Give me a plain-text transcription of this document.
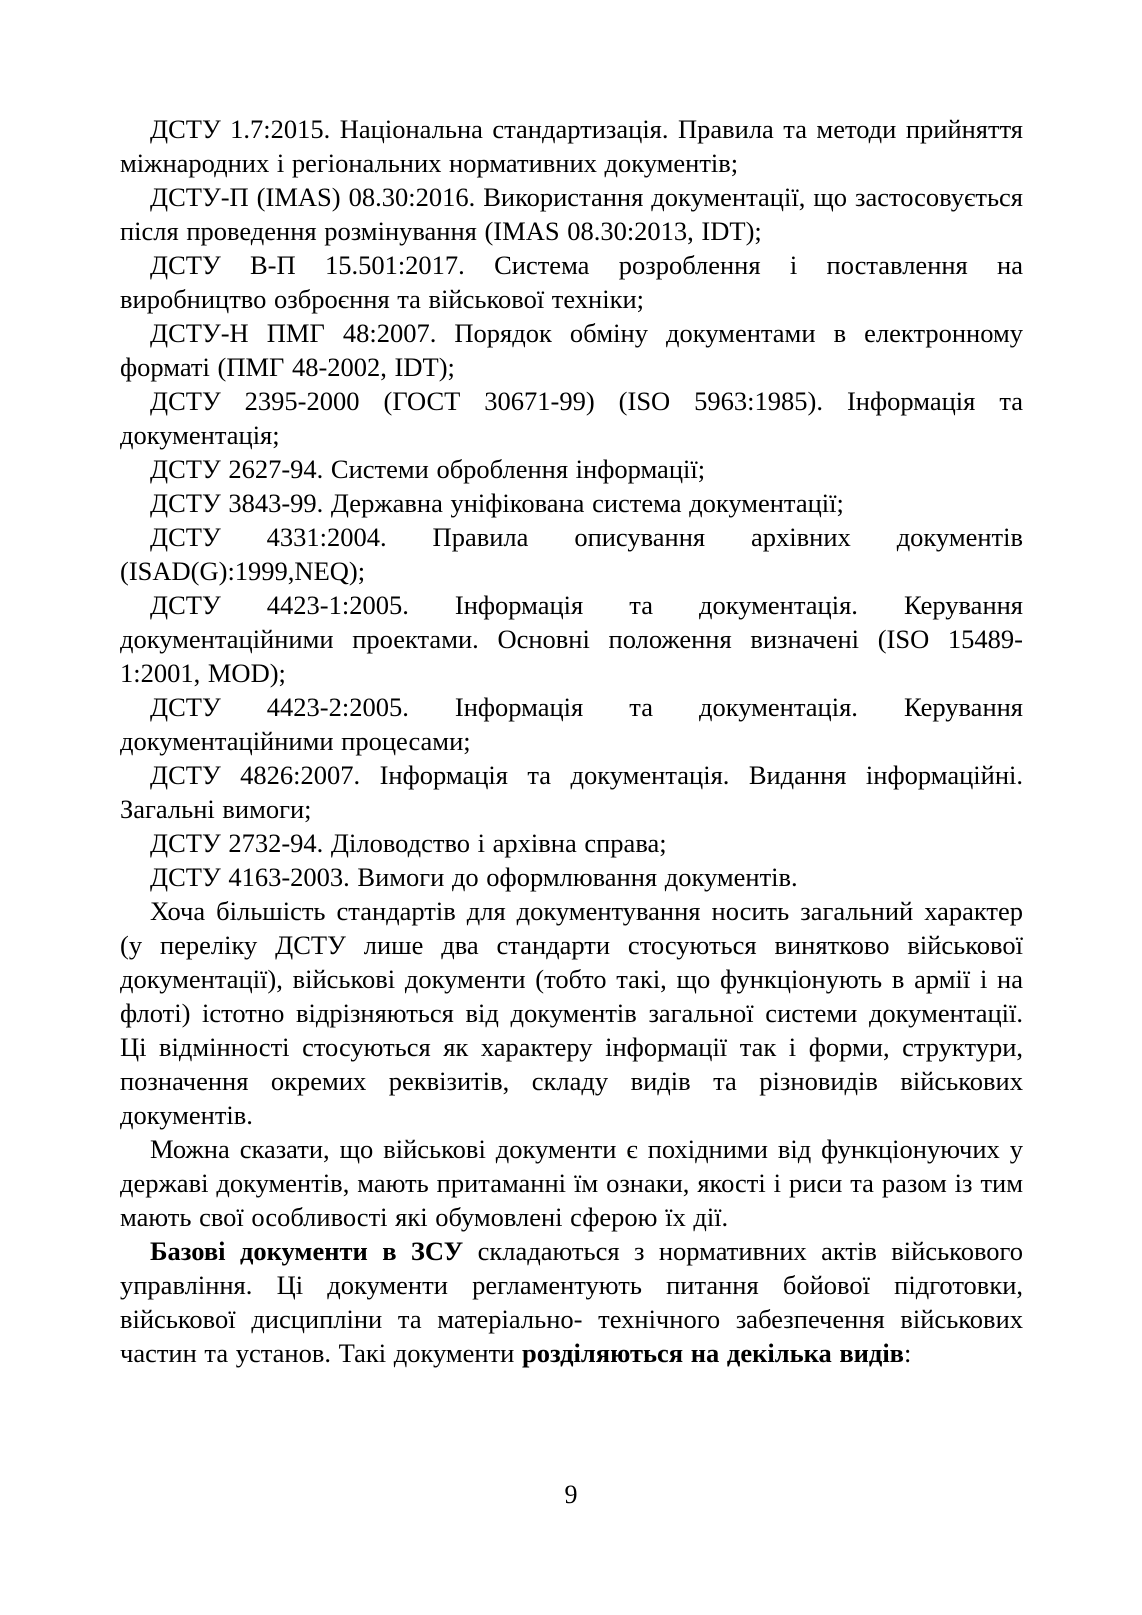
ДСТУ 1.7:2015. Національна стандартизація. Правила та методи прийняття міжнародних і регіональних нормативних документів;

ДСТУ-П (IMAS) 08.30:2016. Використання документації, що застосовується після проведення розмінування (IMAS 08.30:2013, IDT);

ДСТУ В-П 15.501:2017. Система розроблення і поставлення на виробництво озброєння та військової техніки;

ДСТУ-Н ПМГ 48:2007. Порядок обміну документами в електронному форматі (ПМГ 48-2002, IDT);

ДСТУ 2395-2000 (ГОСТ 30671-99) (ISO 5963:1985). Інформація та документація;

ДСТУ 2627-94. Системи оброблення інформації;

ДСТУ 3843-99. Державна уніфікована система документації;

ДСТУ 4331:2004. Правила описування архівних документів (ISAD(G):1999,NEQ);

ДСТУ 4423-1:2005. Інформація та документація. Керування документаційними проектами. Основні положення визначені (ISO 15489- 1:2001, MOD);

ДСТУ 4423-2:2005. Інформація та документація. Керування документаційними процесами;

ДСТУ 4826:2007. Інформація та документація. Видання інформаційні. Загальні вимоги;

ДСТУ 2732-94. Діловодство і архівна справа;

ДСТУ 4163-2003. Вимоги до оформлювання документів.

Хоча більшість стандартів для документування носить загальний характер (у переліку ДСТУ лише два стандарти стосуються винятково військової документації), військові документи (тобто такі, що функціонують в армії і на флоті) істотно відрізняються від документів загальної системи документації. Ці відмінності стосуються як характеру інформації так і форми, структури, позначення окремих реквізитів, складу видів та різновидів військових документів.

Можна сказати, що військові документи є похідними від функціонуючих у державі документів, мають притаманні їм ознаки, якості і риси та разом із тим мають свої особливості які обумовлені сферою їх дії.

Базові документи в ЗСУ складаються з нормативних актів військового управління. Ці документи регламентують питання бойової підготовки, військової дисципліни та матеріально- технічного забезпечення військових частин та установ. Такі документи розділяються на декілька видів:

9
